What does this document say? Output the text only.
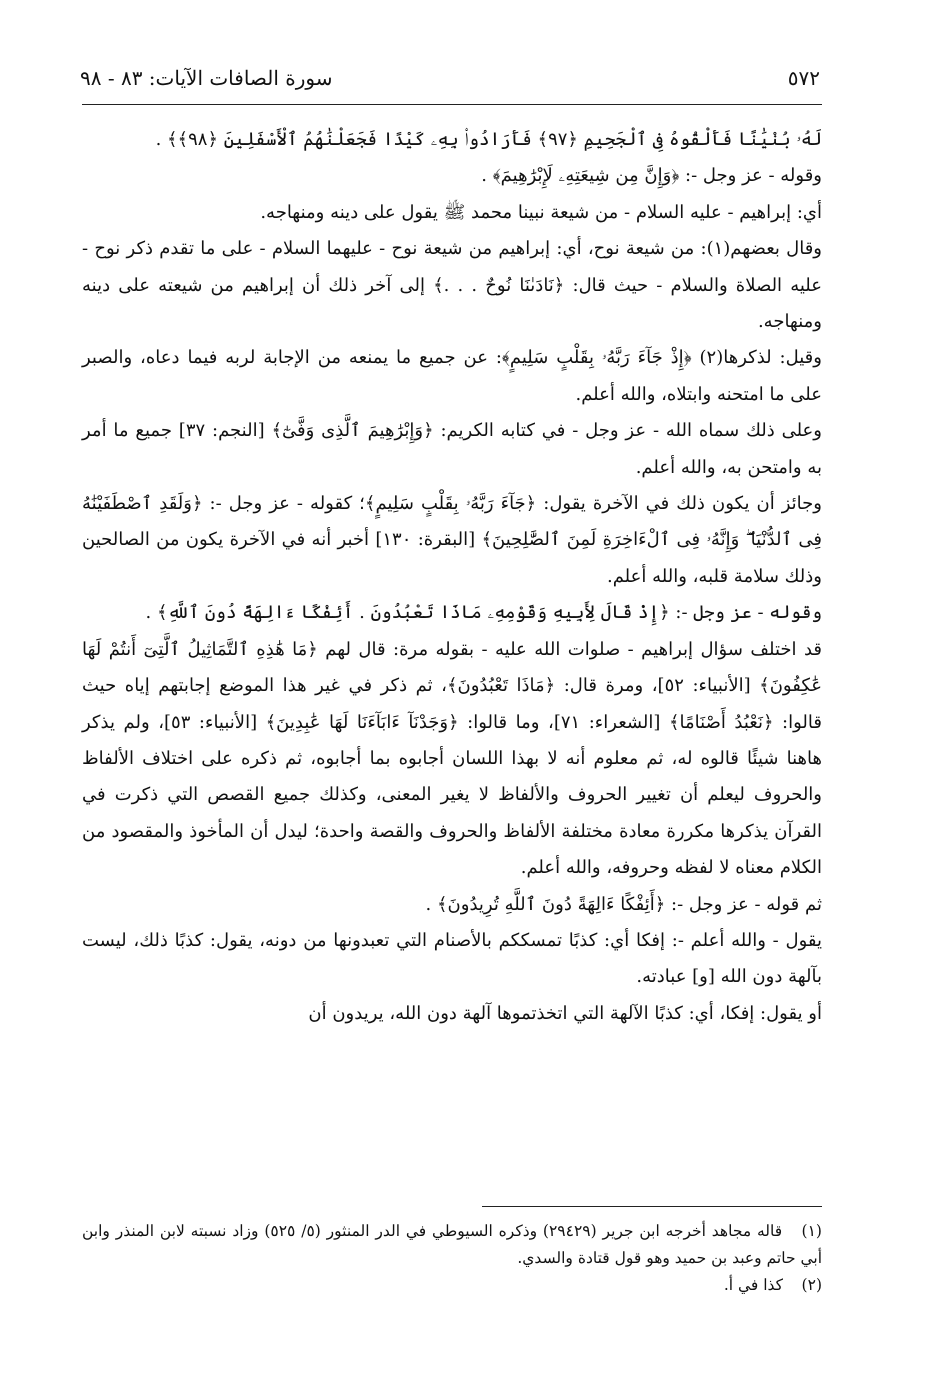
٥٧٢
سورة الصافات الآيات: ٨٣ - ٩٨

لَهُۥ بُنْيَٰنًا فَأَلْقُوهُ فِى ٱلْجَحِيمِ ﴿٩٧﴾ فَأَرَادُوا۟ بِهِۦ كَيْدًا فَجَعَلْنَٰهُمُ ٱلْأَسْفَلِينَ ﴿٩٨﴾﴾ .

وقوله - عز وجل -: ﴿وَإِنَّ مِن شِيعَتِهِۦ لَإِبْرَٰهِيمَ﴾ .

أي: إبراهيم - عليه السلام - من شيعة نبينا محمد ﷺ يقول على دينه ومنهاجه.

وقال بعضهم(١): من شيعة نوح، أي: إبراهيم من شيعة نوح - عليهما السلام - على ما تقدم ذكر نوح - عليه الصلاة والسلام - حيث قال: ﴿نَادَىٰنَا نُوحٌ . . .﴾ إلى آخر ذلك أن إبراهيم من شيعته على دينه ومنهاجه.

وقيل: لذكرها(٢) ﴿إِذْ جَآءَ رَبَّهُۥ بِقَلْبٍ سَلِيمٍ﴾: عن جميع ما يمنعه من الإجابة لربه فيما دعاه، والصبر على ما امتحنه وابتلاه، والله أعلم.

وعلى ذلك سماه الله - عز وجل - في كتابه الكريم: ﴿وَإِبْرَٰهِيمَ ٱلَّذِى وَفَّىٰٓ﴾ [النجم: ٣٧] جميع ما أمر به وامتحن به، والله أعلم.

وجائز أن يكون ذلك في الآخرة يقول: ﴿جَآءَ رَبَّهُۥ بِقَلْبٍ سَلِيمٍ﴾؛ كقوله - عز وجل -: ﴿وَلَقَدِ ٱصْطَفَيْنَٰهُ فِى ٱلدُّنْيَا ۖ وَإِنَّهُۥ فِى ٱلْءَاخِرَةِ لَمِنَ ٱلصَّٰلِحِينَ﴾ [البقرة: ١٣٠] أخبر أنه في الآخرة يكون من الصالحين وذلك سلامة قلبه، والله أعلم.

وقوله - عز وجل -: ﴿إِذْ قَالَ لِأَبِيهِ وَقَوْمِهِۦ مَاذَا تَعْبُدُونَ . أَئِفْكًا ءَالِهَةً دُونَ ٱللَّهِ﴾ .

قد اختلف سؤال إبراهيم - صلوات الله عليه - بقوله مرة: قال لهم ﴿مَا هَٰذِهِ ٱلتَّمَاثِيلُ ٱلَّتِىٓ أَنتُمْ لَهَا عَٰكِفُونَ﴾ [الأنبياء: ٥٢]، ومرة قال: ﴿مَاذَا تَعْبُدُونَ﴾، ثم ذكر في غير هذا الموضع إجابتهم إياه حيث قالوا: ﴿نَعْبُدُ أَصْنَامًا﴾ [الشعراء: ٧١]، وما قالوا: ﴿وَجَدْنَآ ءَابَآءَنَا لَهَا عَٰبِدِينَ﴾ [الأنبياء: ٥٣]، ولم يذكر هاهنا شيئًا قالوه له، ثم معلوم أنه لا بهذا اللسان أجابوه بما أجابوه، ثم ذكره على اختلاف الألفاظ والحروف ليعلم أن تغيير الحروف والألفاظ لا يغير المعنى، وكذلك جميع القصص التي ذكرت في القرآن يذكرها مكررة معادة مختلفة الألفاظ والحروف والقصة واحدة؛ ليدل أن المأخوذ والمقصود من الكلام معناه لا لفظه وحروفه، والله أعلم.

ثم قوله - عز وجل -: ﴿أَئِفْكًا ءَالِهَةً دُونَ ٱللَّهِ تُرِيدُونَ﴾ .

يقول - والله أعلم -: إفكا أي: كذبًا تمسككم بالأصنام التي تعبدونها من دونه، يقول: كذبًا ذلك، ليست بآلهة دون الله [و] عبادته.

أو يقول: إفكا، أي: كذبًا الآلهة التي اتخذتموها آلهة دون الله، يريدون أن

(١) قاله مجاهد أخرجه ابن جرير (٢٩٤٢٩) وذكره السيوطي في الدر المنثور (٥/ ٥٢٥) وزاد نسبته لابن المنذر وابن أبي حاتم وعبد بن حميد وهو قول قتادة والسدي.

(٢) كذا في أ.
